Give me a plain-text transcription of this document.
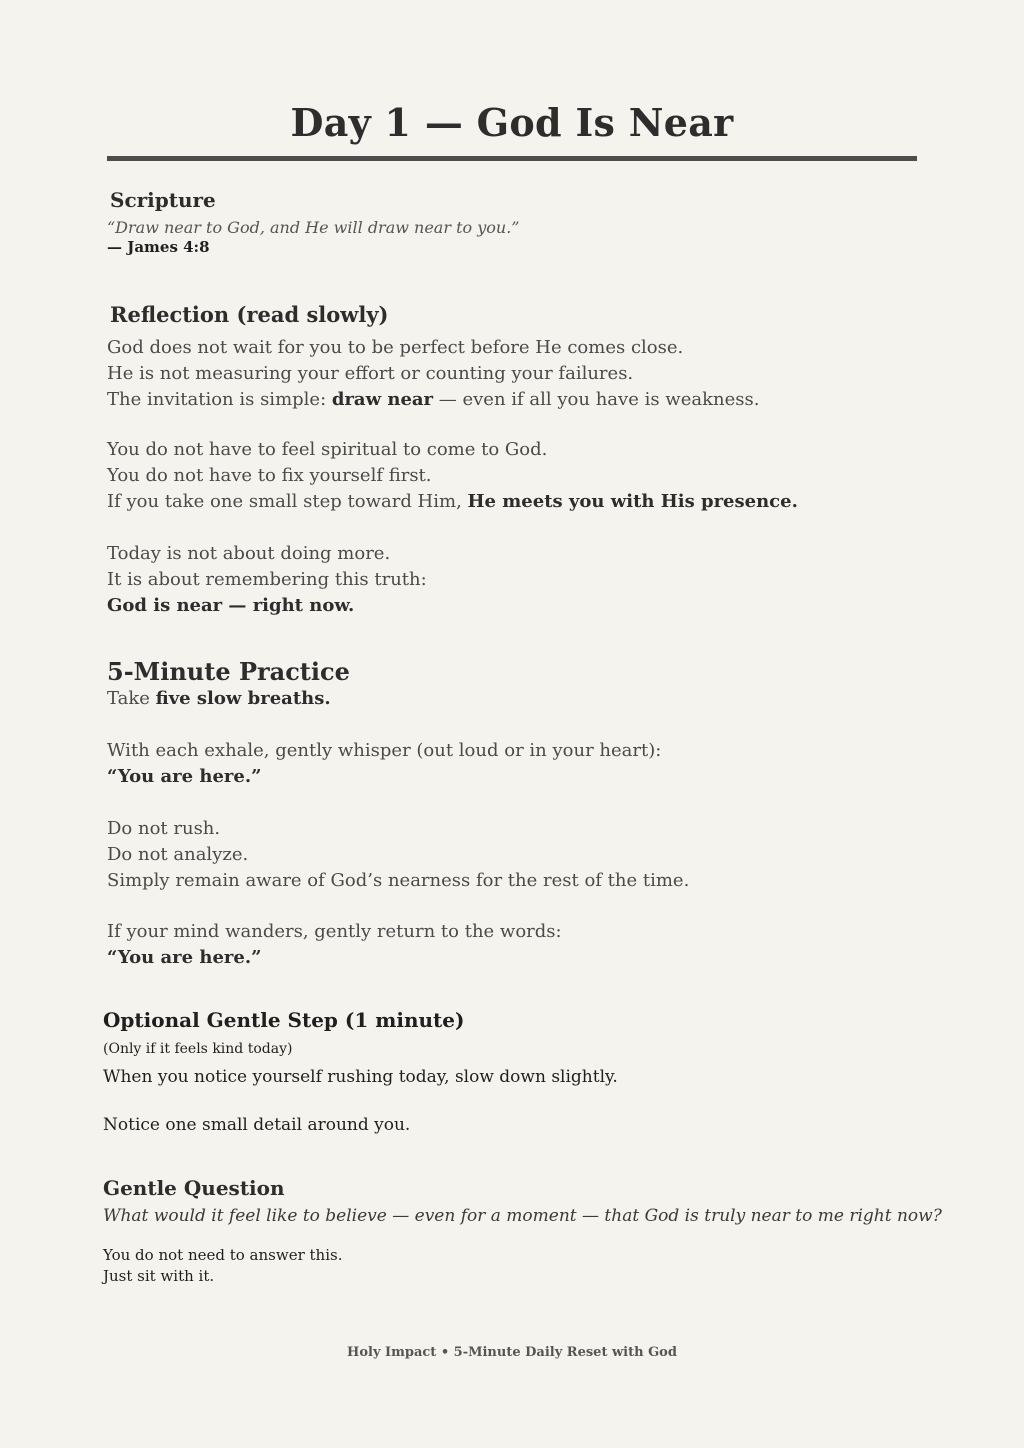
Day 1 — God Is Near
Scripture
“Draw near to God, and He will draw near to you.”
— James 4:8
Reflection (read slowly)
God does not wait for you to be perfect before He comes close.
He is not measuring your effort or counting your failures.
The invitation is simple: draw near — even if all you have is weakness.
You do not have to feel spiritual to come to God.
You do not have to fix yourself first.
If you take one small step toward Him, He meets you with His presence.
Today is not about doing more.
It is about remembering this truth:
God is near — right now.
5-Minute Practice
Take five slow breaths.
With each exhale, gently whisper (out loud or in your heart):
“You are here.”
Do not rush.
Do not analyze.
Simply remain aware of God’s nearness for the rest of the time.
If your mind wanders, gently return to the words:
“You are here.”
Optional Gentle Step (1 minute)
(Only if it feels kind today)
When you notice yourself rushing today, slow down slightly.
Notice one small detail around you.
Gentle Question
What would it feel like to believe — even for a moment — that God is truly near to me right now?
You do not need to answer this.
Just sit with it.
Holy Impact • 5-Minute Daily Reset with God
